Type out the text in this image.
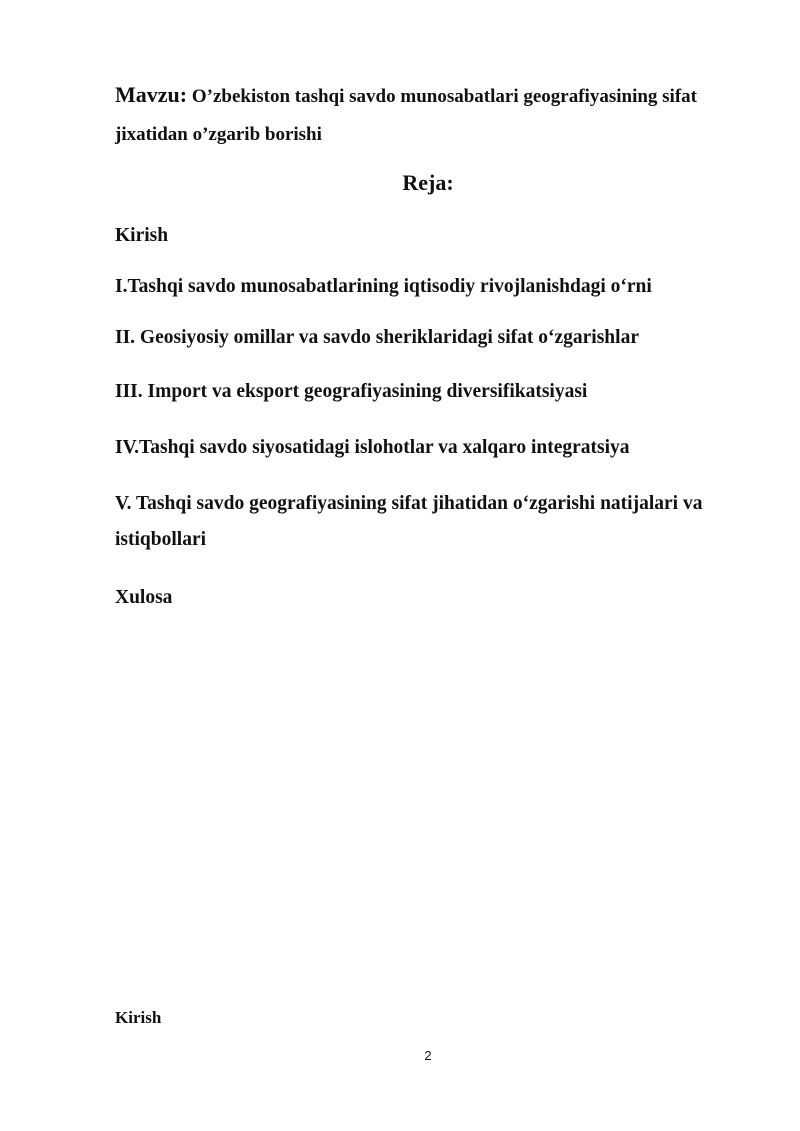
Mavzu: O’zbekiston tashqi savdo munosabatlari geografiyasining sifat jixatidan o’zgarib borishi
Reja:
Kirish
I.Tashqi savdo munosabatlarining iqtisodiy rivojlanishdagi o‘rni
II. Geosiyosiy omillar va savdo sheriklaridagi sifat o‘zgarishlar
III. Import va eksport geografiyasining diversifikatsiyasi
IV.Tashqi savdo siyosatidagi islohotlar va xalqaro integratsiya
V. Tashqi savdo geografiyasining sifat jihatidan o‘zgarishi natijalari va istiqbollari
Xulosa
Kirish
2
